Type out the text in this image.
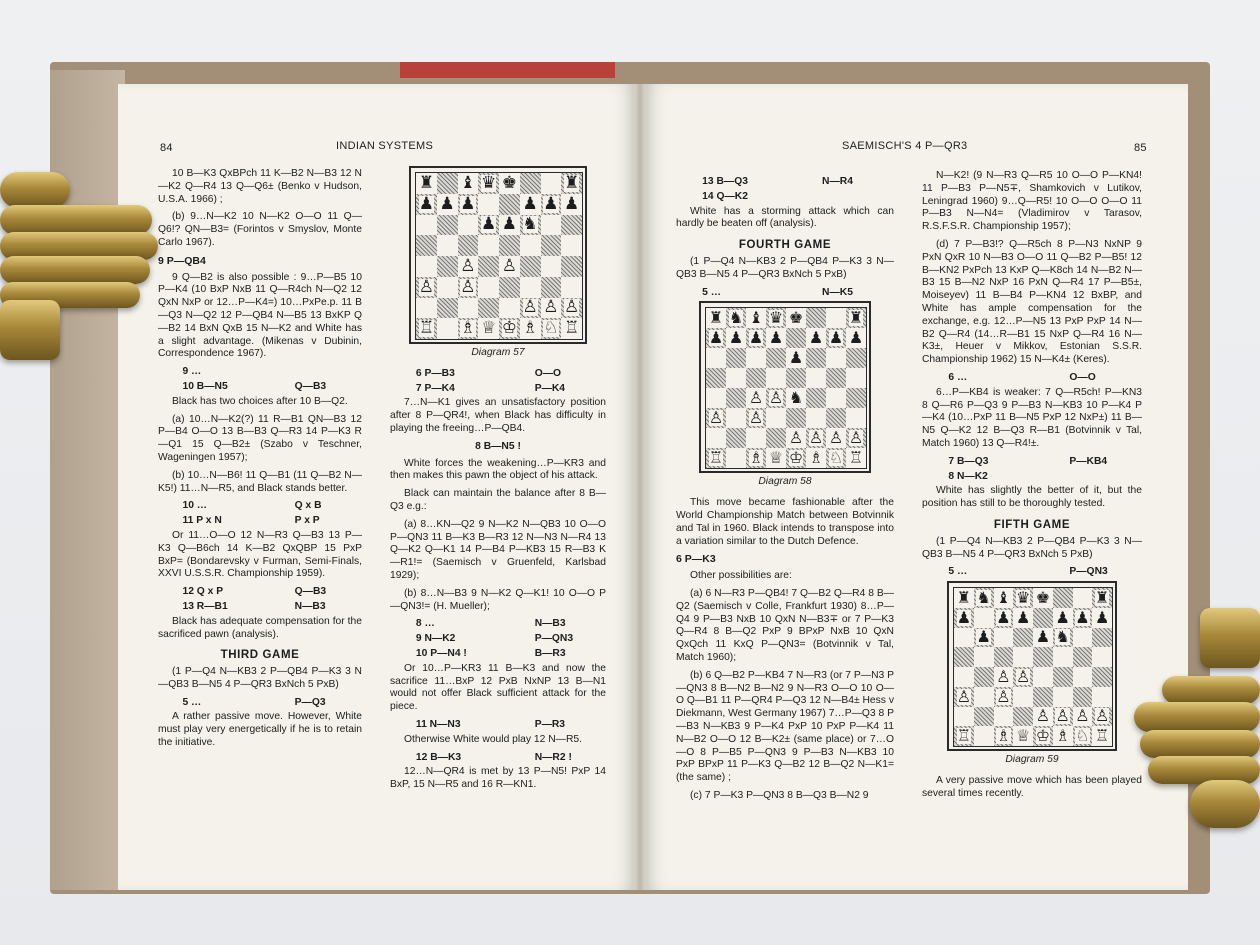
84	INDIAN SYSTEMS

10 B—K3 QxBPch 11 K—B2 N—B3 12 N—K2 Q—R4 13 Q—Q6± (Benko v Hudson, U.S.A. 1966) ;

(b) 9…N—K2 10 N—K2 O—O 11 Q—Q6!? QN—B3= (Forintos v Smyslov, Monte Carlo 1967).

9 P—QB4

9 Q—B2 is also possible : 9…P—B5 10 P—K4 (10 BxP NxB 11 Q—R4ch N—Q2 12 QxN NxP or 12…P—K4=) 10…PxPe.p. 11 B—Q3 N—Q2 12 P—QB4 N—B5 13 BxKP Q—B2 14 BxN QxB 15 N—K2 and White has a slight advantage. (Mikenas v Dubinin, Correspondence 1967).

9 …
10 B—N5	Q—B3

Black has two choices after 10 B—Q2.

(a) 10…N—K2(?) 11 R—B1 QN—B3 12 P—B4 O—O 13 B—B3 Q—R3 14 P—K3 R—Q1 15 Q—B2± (Szabo v Teschner, Wageningen 1957);

(b) 10…N—B6! 11 Q—B1 (11 Q—B2 N—K5!) 11…N—R5, and Black stands better.

10 …	Q x B
11 P x N	P x P

Or 11…O—O 12 N—R3 Q—B3 13 P—K3 Q—B6ch 14 K—B2 QxQBP 15 PxP BxP= (Bondarevsky v Furman, Semi-Finals, XXVI U.S.S.R. Championship 1959).

12 Q x P	Q—B3
13 R—B1	N—B3

Black has adequate compensation for the sacrificed pawn (analysis).

THIRD GAME

(1 P—Q4 N—KB3 2 P—QB4 P—K3 3 N—QB3 B—N5 4 P—QR3 BxNch 5 PxB)

5 …	P—Q3

A rather passive move. However, White must play very energetically if he is to retain the initiative.

♜ ♝ ♛ ♚	♜
♟ ♟ ♟	♟ ♟ ♟
♟ ♟ ♞
♙ ♙
♙ ♙
♙ ♙ ♙
♖ ♗ ♕ ♔ ♗ ♘ ♖
Diagram 57
6 P—B3	O—O
7 P—K4	P—K4

7…N—K1 gives an unsatisfactory position after 8 P—QR4!, when Black has difficulty in playing the freeing…P—QB4.

8 B—N5 !

White forces the weakening…P—KR3 and then makes this pawn the object of his attack.

Black can maintain the balance after 8 B—Q3 e.g.:

(a) 8…KN—Q2 9 N—K2 N—QB3 10 O—O P—QN3 11 B—K3 B—R3 12 N—N3 N—R4 13 Q—K2 Q—K1 14 P—B4 P—KB3 15 R—B3 K—R1!= (Saemisch v Gruenfeld, Karlsbad 1929);

(b) 8…N—B3 9 N—K2 Q—K1! 10 O—O P—QN3!= (H. Mueller);

8 …	N—B3
9 N—K2	P—QN3
10 P—N4 !	B—R3

Or 10…P—KR3 11 B—K3 and now the sacrifice 11…BxP 12 PxB NxNP 13 B—N1 would not offer Black sufficient attack for the piece.

11 N—N3	P—R3

Otherwise White would play 12 N—R5.

12 B—K3	N—R2 !

12…N—QR4 is met by 13 P—N5! PxP 14 BxP, 15 N—R5 and 16 R—KN1.

SAEMISCH'S 4 P—QR3	85
13 B—Q3	N—R4
14 Q—K2

White has a storming attack which can hardly be beaten off (analysis).

FOURTH GAME

(1 P—Q4 N—KB3 2 P—QB4 P—K3 3 N—QB3 B—N5 4 P—QR3 BxNch 5 PxB)

5 …	N—K5
♜ ♞ ♝ ♛ ♚	♜
♟ ♟ ♟ ♟ ♟ ♟ ♟
♟
♙ ♙ ♞
♙ ♙
♙ ♙ ♙ ♙
♖ ♗ ♕ ♔ ♗ ♘ ♖
Diagram 58

This move became fashionable after the World Championship Match between Botvinnik and Tal in 1960. Black intends to transpose into a variation similar to the Dutch Defence.

6 P—K3

Other possibilities are:

(a) 6 N—R3 P—QB4! 7 Q—B2 Q—R4 8 B—Q2 (Saemisch v Colle, Frankfurt 1930) 8…P—Q4 9 P—B3 NxB 10 QxN N—B3∓ or 7 P—K3 Q—R4 8 B—Q2 PxP 9 BPxP NxB 10 QxN QxQch 11 KxQ P—QN3= (Botvinnik v Tal, Match 1960);

(b) 6 Q—B2 P—KB4 7 N—R3 (or 7 P—N3 P—QN3 8 B—N2 B—N2 9 N—R3 O—O 10 O—O Q—B1 11 P—QR4 P—Q3 12 N—B4± Hess v Diekmann, West Germany 1967) 7…P—Q3 8 P—B3 N—KB3 9 P—K4 PxP 10 PxP P—K4 11 N—B2 O—O 12 B—K2± (same place) or 7…O—O 8 P—B5 P—QN3 9 P—B3 N—KB3 10 PxP BPxP 11 P—K3 Q—B2 12 B—Q2 N—K1= (the same) ;

(c) 7 P—K3 P—QN3 8 B—Q3 B—N2 9

N—K2! (9 N—R3 Q—R5 10 O—O P—KN4! 11 P—B3 P—N5∓, Shamkovich v Lutikov, Leningrad 1960) 9…Q—R5! 10 O—O O—O 11 P—B3 N—N4= (Vladimirov v Tarasov, R.S.F.S.R. Championship 1957);

(d) 7 P—B3!? Q—R5ch 8 P—N3 NxNP 9 PxN QxR 10 N—B3 O—O 11 Q—B2 P—B5! 12 B—KN2 PxPch 13 KxP Q—K8ch 14 N—B2 N—B3 15 B—N2 NxP 16 PxN Q—R4 17 P—B5±, Moiseyev) 11 B—B4 P—KN4 12 BxBP, and White has ample compensation for the exchange, e.g. 12…P—N5 13 PxP PxP 14 N—B2 Q—R4 (14…R—B1 15 NxP Q—R4 16 N—K3±, Heuer v Mikkov, Estonian S.S.R. Championship 1962) 15 N—K4± (Keres).

6 …	O—O

6…P—KB4 is weaker: 7 Q—R5ch! P—KN3 8 Q—R6 P—Q3 9 P—B3 N—KB3 10 P—K4 P—K4 (10…PxP 11 B—N5 PxP 12 NxP±) 11 B—N5 Q—K2 12 B—Q3 R—B1 (Botvinnik v Tal, Match 1960) 13 Q—R4!±.

7 B—Q3	P—KB4
8 N—K2

White has slightly the better of it, but the position has still to be thoroughly tested.

FIFTH GAME

(1 P—Q4 N—KB3 2 P—QB4 P—K3 3 N—QB3 B—N5 4 P—QR3 BxNch 5 PxB)

5 …	P—QN3
♜ ♞ ♝ ♛ ♚	♜
♟ ♟ ♟ ♟ ♟ ♟
♟	♟ ♞
♙ ♙
♙ ♙
♙ ♙ ♙ ♙
♖ ♗ ♕ ♔ ♗ ♘ ♖
Diagram 59

A very passive move which has been played several times recently.
